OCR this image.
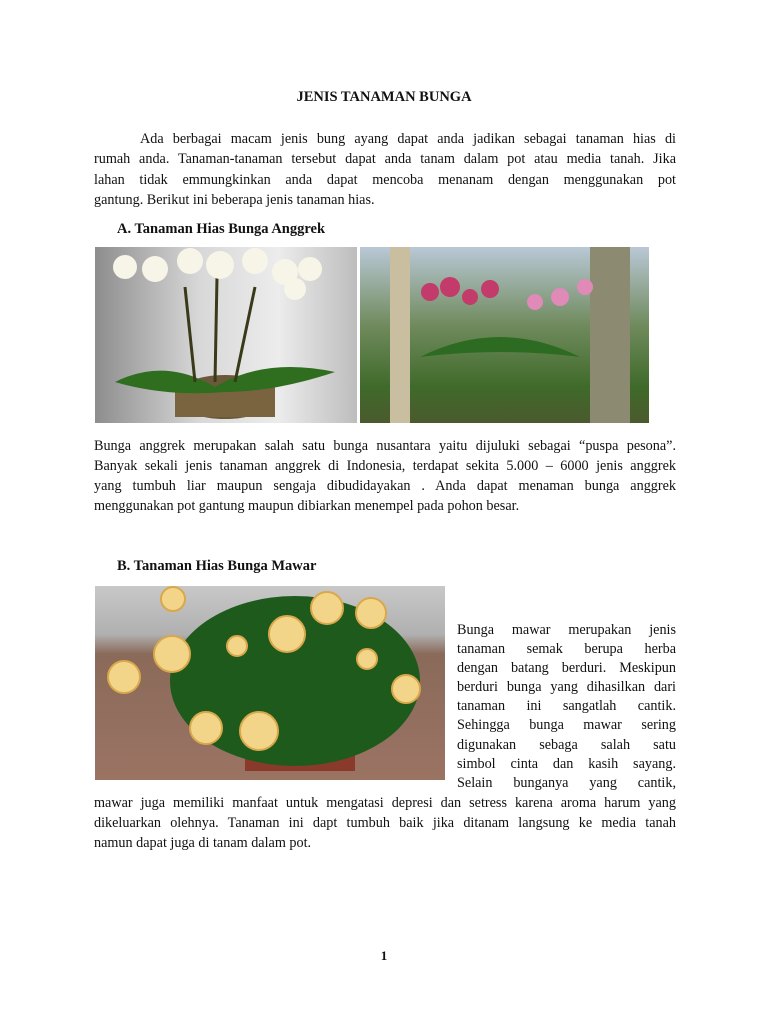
JENIS TANAMAN BUNGA
Ada berbagai macam jenis bung ayang dapat anda jadikan sebagai tanaman hias di
rumah anda. Tanaman-tanaman tersebut dapat anda tanam dalam pot atau media tanah. Jika
lahan tidak emmungkinkan anda dapat mencoba menanam dengan menggunakan pot
gantung. Berikut ini beberapa jenis tanaman hias.
A. Tanaman Hias Bunga Anggrek
Bunga anggrek merupakan salah satu bunga nusantara yaitu dijuluki sebagai “puspa pesona”.
Banyak sekali jenis tanaman anggrek di Indonesia, terdapat sekita 5.000 – 6000 jenis anggrek
yang tumbuh liar maupun sengaja dibudidayakan . Anda dapat menaman bunga anggrek
menggunakan pot gantung maupun dibiarkan menempel pada pohon besar.
B. Tanaman Hias Bunga Mawar
Bunga mawar merupakan jenis
tanaman semak berupa herba
dengan batang berduri. Meskipun
berduri bunga yang dihasilkan dari
tanaman ini sangatlah cantik.
Sehingga bunga mawar sering
digunakan sebaga salah satu
simbol cinta dan kasih sayang.
Selain bunganya yang cantik,
mawar juga memiliki manfaat untuk mengatasi depresi dan setress karena aroma harum yang
dikeluarkan olehnya. Tanaman ini dapt tumbuh baik jika ditanam langsung ke media tanah
namun dapat juga di tanam dalam pot.
1
